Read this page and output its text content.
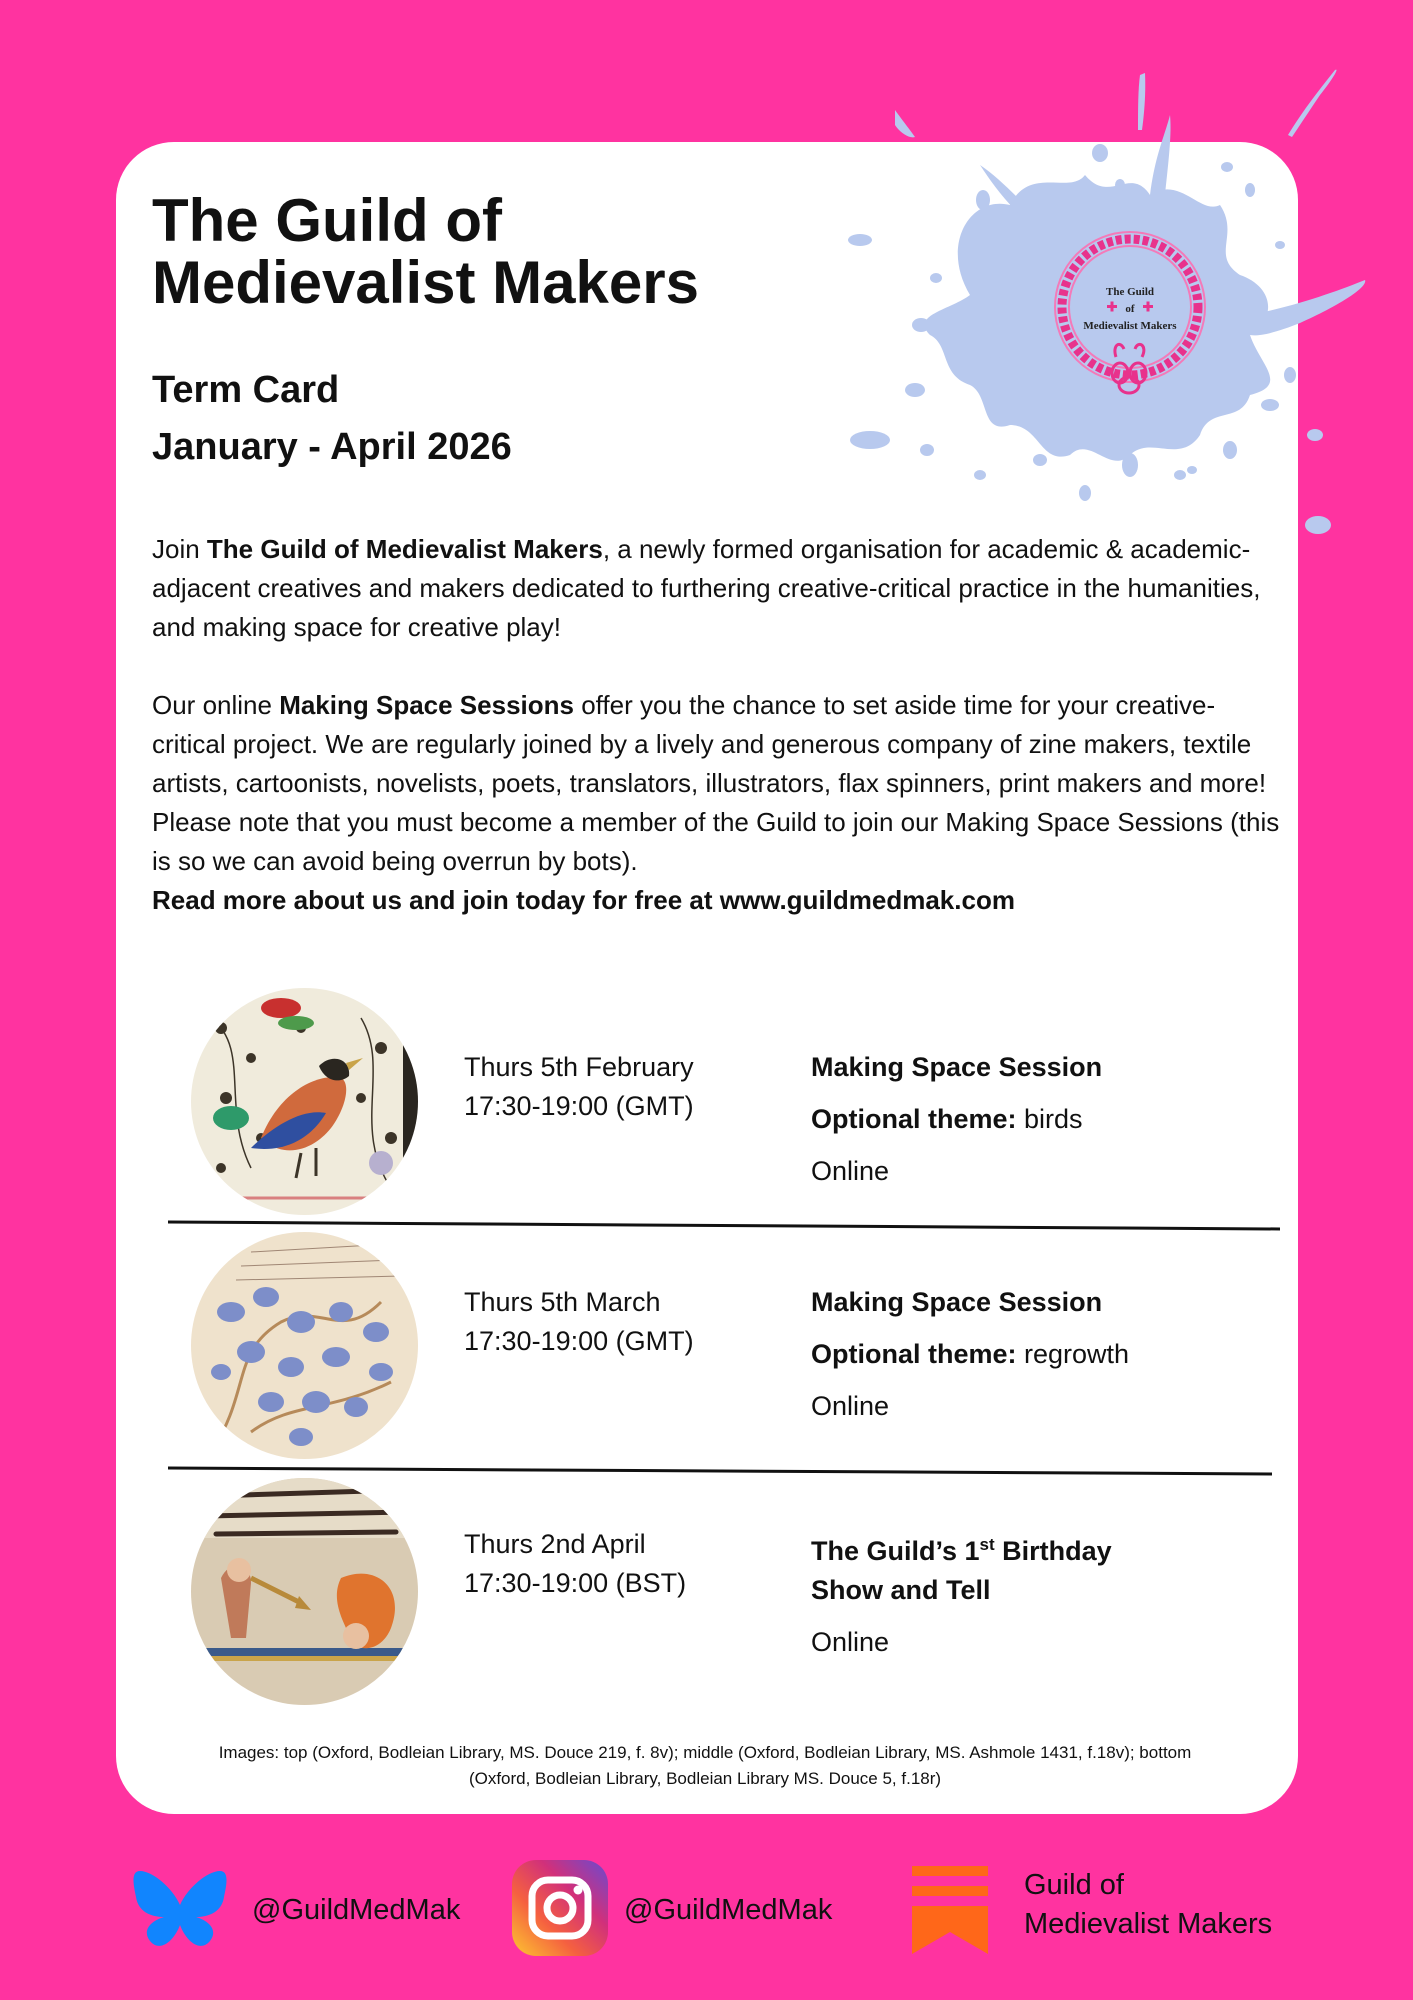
The Guild
of
Medievalist Makers
The Guild of
Medievalist Makers
Term Card
January - April 2026

Join The Guild of Medievalist Makers, a newly formed organisation for academic & academic-adjacent creatives and makers dedicated to furthering creative-critical practice in the humanities, and making space for creative play!

Our online Making Space Sessions offer you the chance to set aside time for your creative-critical project. We are regularly joined by a lively and generous company of zine makers, textile artists, cartoonists, novelists, poets, translators, illustrators, flax spinners, print makers and more! Please note that you must become a member of the Guild to join our Making Space Sessions (this is so we can avoid being overrun by bots).
Read more about us and join today for free at www.guildmedmak.com

Thurs 5th February
17:30-19:00 (GMT)
Making Space Session
Optional theme: birds
Online
Thurs 5th March
17:30-19:00 (GMT)
Making Space Session
Optional theme: regrowth
Online
Thurs 2nd April
17:30-19:00 (BST)
The Guild’s 1st Birthday
Show and Tell
Online

Images: top (Oxford, Bodleian Library, MS. Douce 219, f. 8v); middle (Oxford, Bodleian Library, MS. Ashmole 1431, f.18v); bottom
(Oxford, Bodleian Library, Bodleian Library MS. Douce 5, f.18r)

@GuildMedMak	@GuildMedMak
Guild of
Medievalist Makers
